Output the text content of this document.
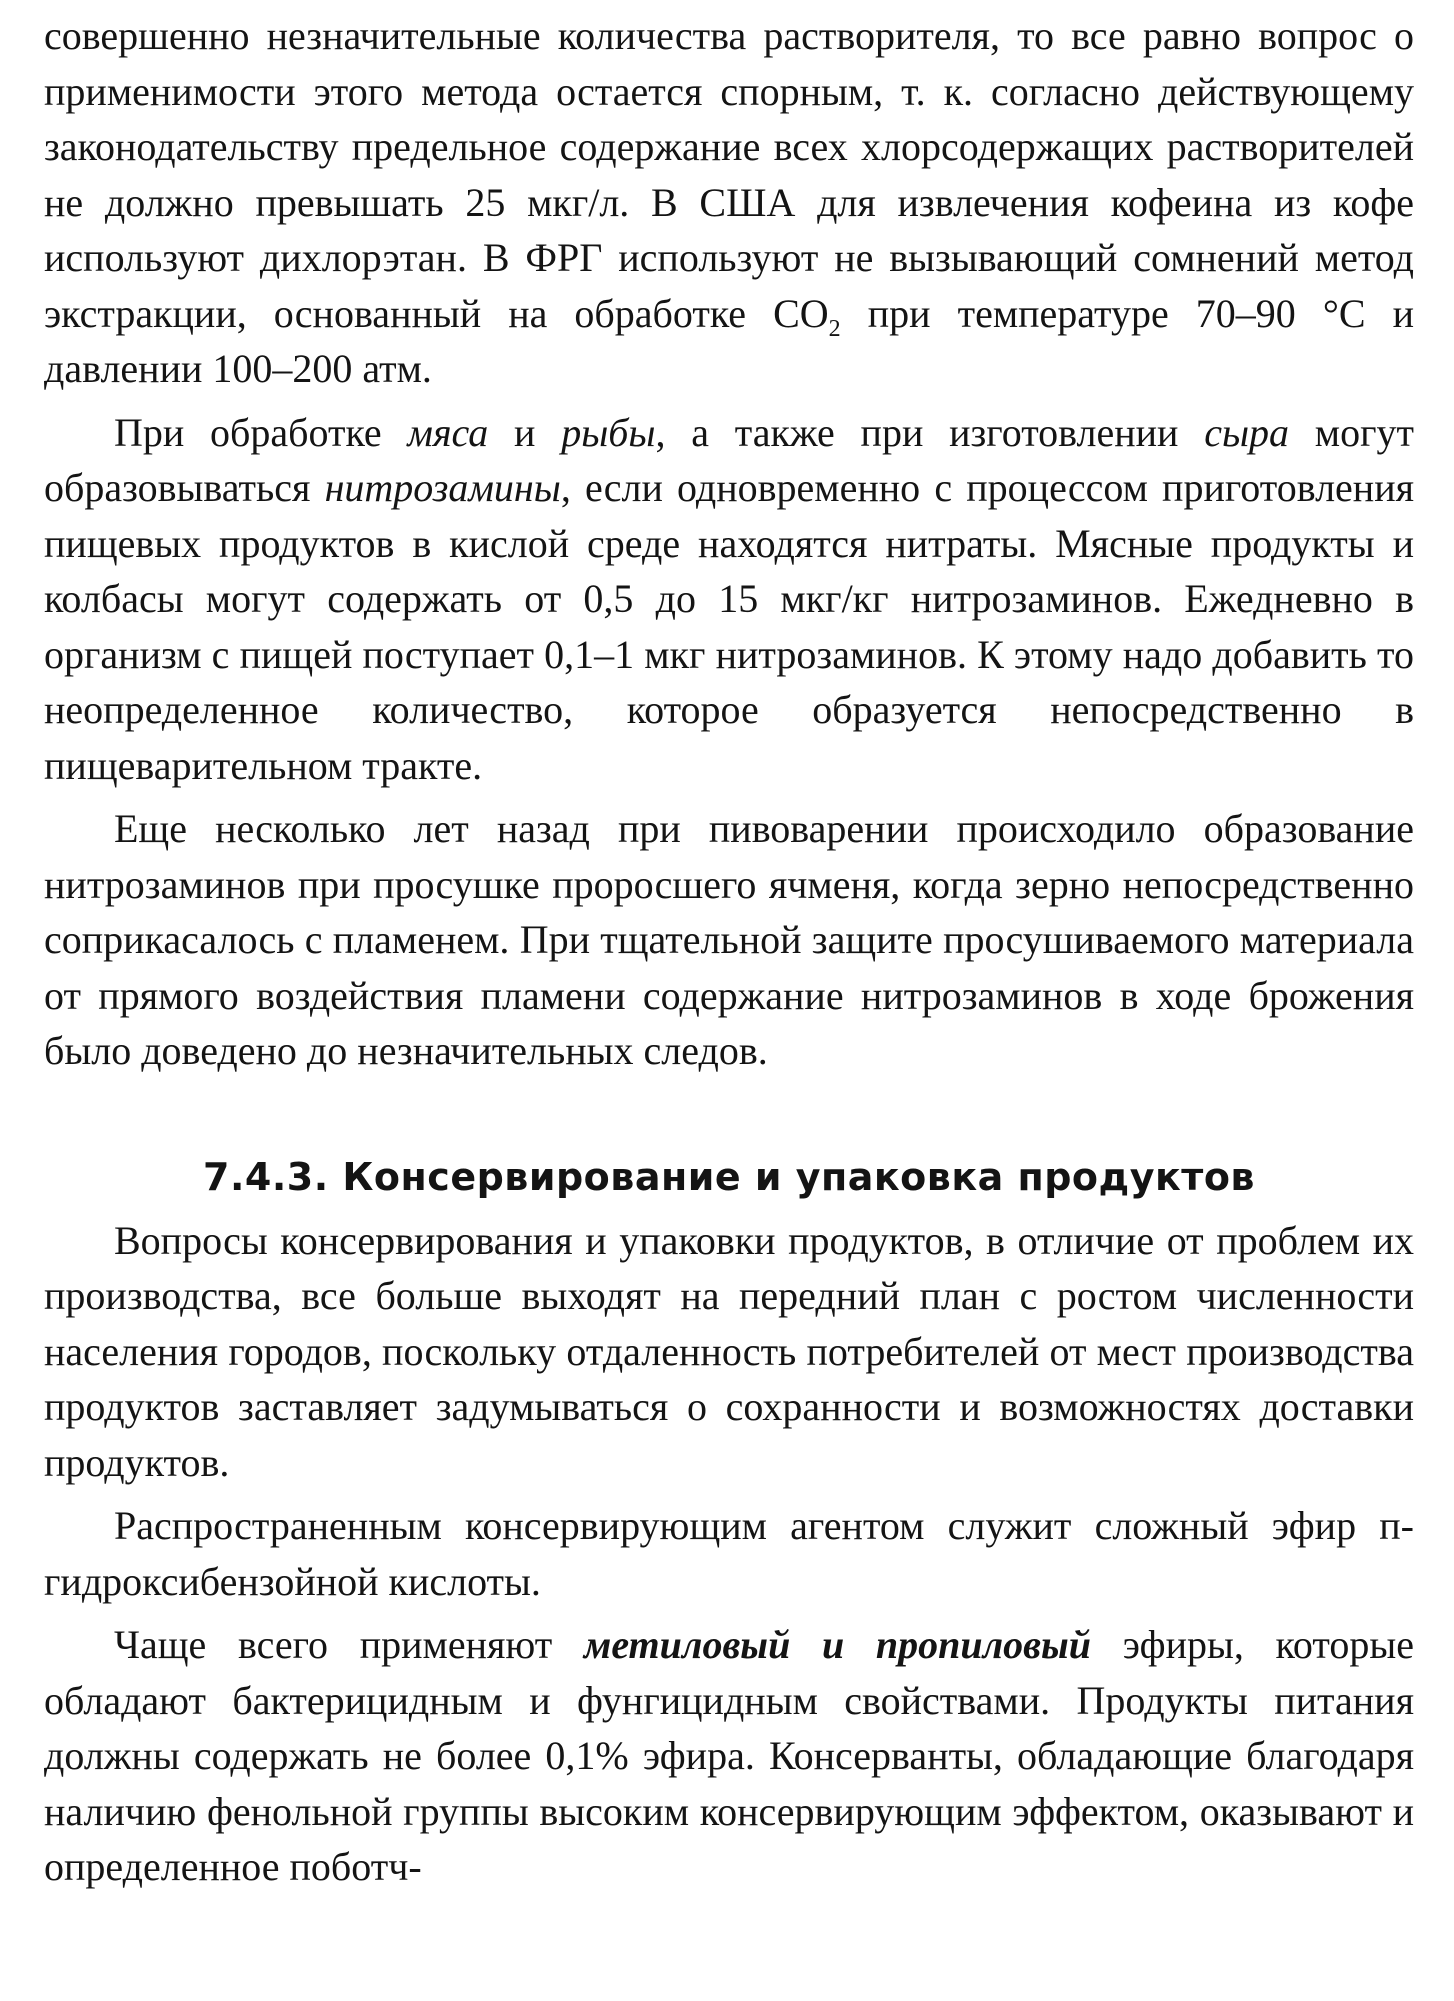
совершенно незначительные количества растворителя, то все равно вопрос о применимости этого метода остается спорным, т. к. согласно действующему законодательству предельное содержание всех хлорсодержащих растворителей не должно превышать 25 мкг/л. В США для извлечения кофеина из кофе используют дихлорэтан. В ФРГ используют не вызывающий сомнений метод экстракции, основанный на обработке $CO_2$ при температуре 70–90 °C и давлении 100–200 атм.

При обработке мяса и рыбы, а также при изготовлении сыра могут образовываться нитрозамины, если одновременно с процессом приготовления пищевых продуктов в кислой среде находятся нитраты. Мясные продукты и колбасы могут содержать от 0,5 до 15 мкг/кг нитрозаминов. Ежедневно в организм с пищей поступает 0,1–1 мкг нитрозаминов. К этому надо добавить то неопределенное количество, которое образуется непосредственно в пищеварительном тракте.

Еще несколько лет назад при пивоварении происходило образование нитрозаминов при просушке проросшего ячменя, когда зерно непосредственно соприкасалось с пламенем. При тщательной защите просушиваемого материала от прямого воздействия пламени содержание нитрозаминов в ходе брожения было доведено до незначительных следов.

7.4.3. Консервирование и упаковка продуктов

Вопросы консервирования и упаковки продуктов, в отличие от проблем их производства, все больше выходят на передний план с ростом численности населения городов, поскольку отдаленность потребителей от мест производства продуктов заставляет задумываться о сохранности и возможностях доставки продуктов.

Распространенным консервирующим агентом служит сложный эфир п-гидроксибензойной кислоты.

Чаще всего применяют метиловый и пропиловый эфиры, которые обладают бактерицидным и фунгицидным свойствами. Продукты питания должны содержать не более 0,1% эфира. Консерванты, обладающие благодаря наличию фенольной группы высоким консервирующим эффектом, оказывают и определенное поботч-
